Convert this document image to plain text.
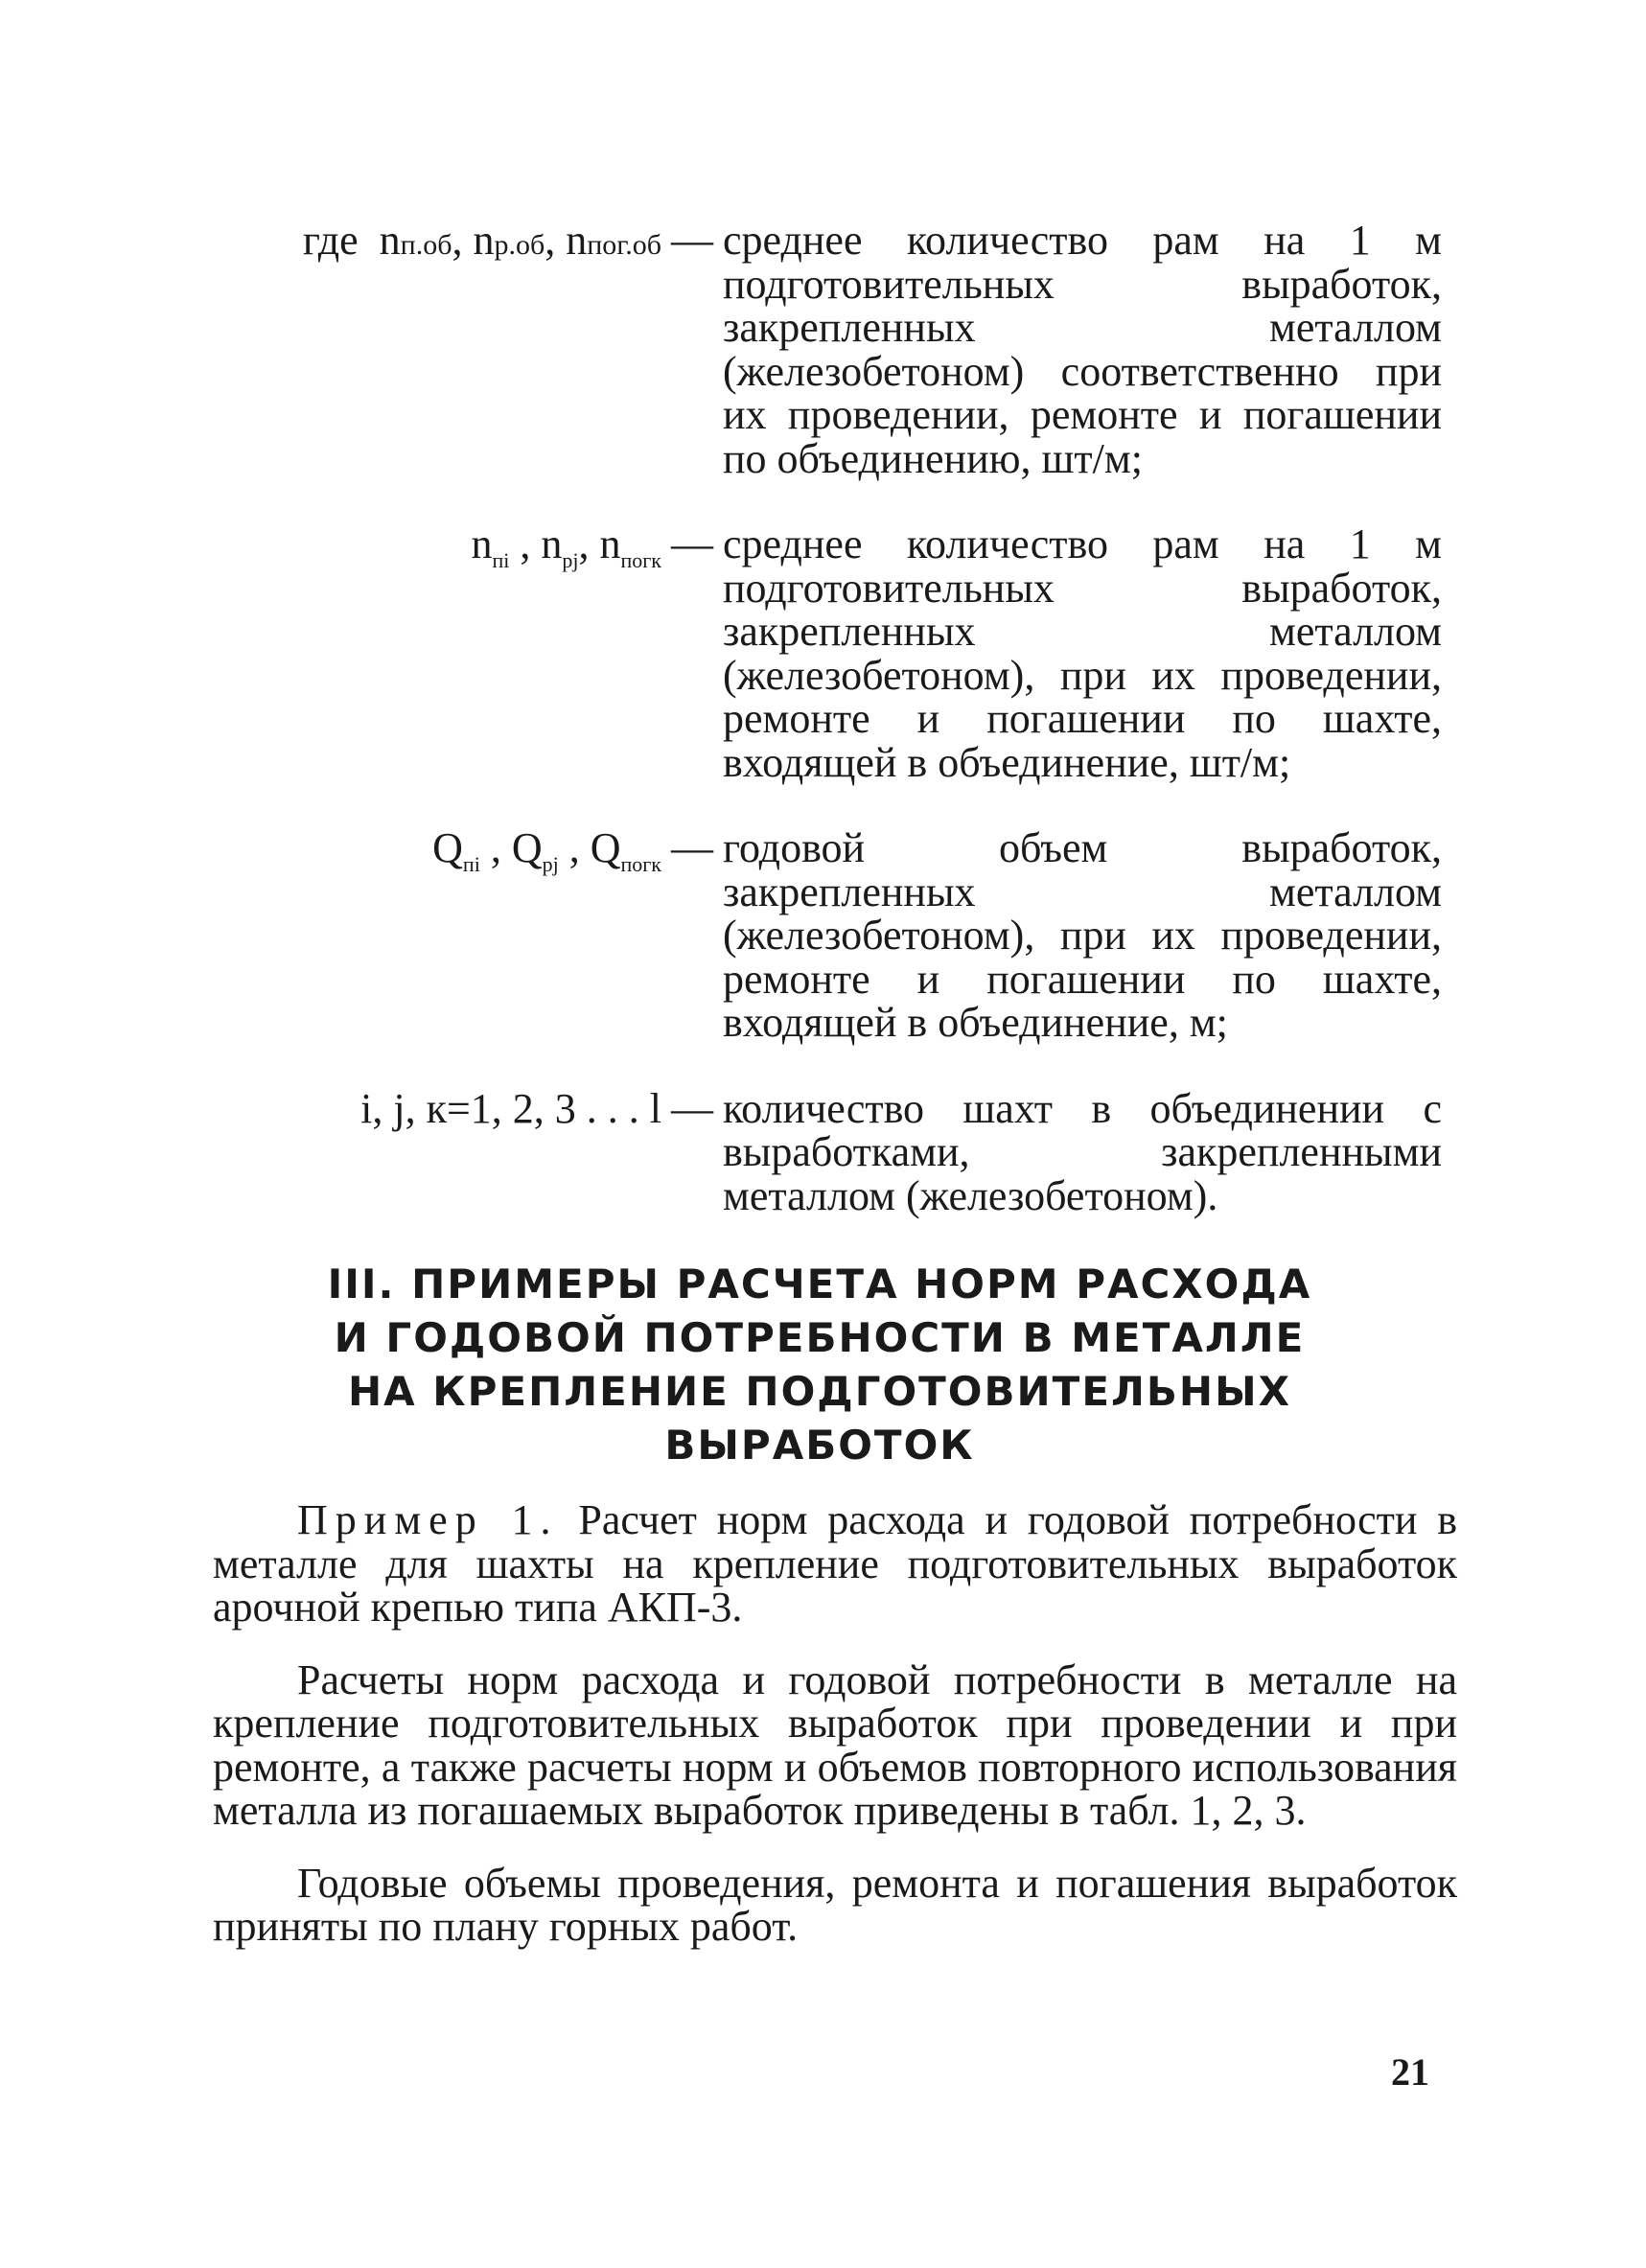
где nп.об, nр.об, nпог.об — среднее количество рам на 1 м подготовительных выработок, закрепленных металлом (железобетоном) соответственно при их проведении, ремонте и погашении по объединению, шт/м;
$n_{пi}$ , $n_{рj}$, $n_{погк}$ — среднее количество рам на 1 м подготовительных выработок, закрепленных металлом (железобетоном), при их проведении, ремонте и погашении по шахте, входящей в объединение, шт/м;
$Q_{пi}$ , $Q_{рj}$ , $Q_{погк}$ — годовой объем выработок, закрепленных металлом (железобетоном), при их проведении, ремонте и погашении по шахте, входящей в объединение, м;
i, j, к=1, 2, 3 . . . l — количество шахт в объединении с выработками, закрепленными металлом (железобетоном).
III. ПРИМЕРЫ РАСЧЕТА НОРМ РАСХОДА
И ГОДОВОЙ ПОТРЕБНОСТИ В МЕТАЛЛЕ
НА КРЕПЛЕНИЕ ПОДГОТОВИТЕЛЬНЫХ
ВЫРАБОТОК

Пример 1. Расчет норм расхода и годовой потребности в металле для шахты на крепление подготовительных выработок арочной крепью типа АКП-3.

Расчеты норм расхода и годовой потребности в металле на крепление подготовительных выработок при проведении и при ремонте, а также расчеты норм и объемов повторного использования металла из погашаемых выработок приведены в табл. 1, 2, 3.

Годовые объемы проведения, ремонта и погашения выработок приняты по плану горных работ.

21
